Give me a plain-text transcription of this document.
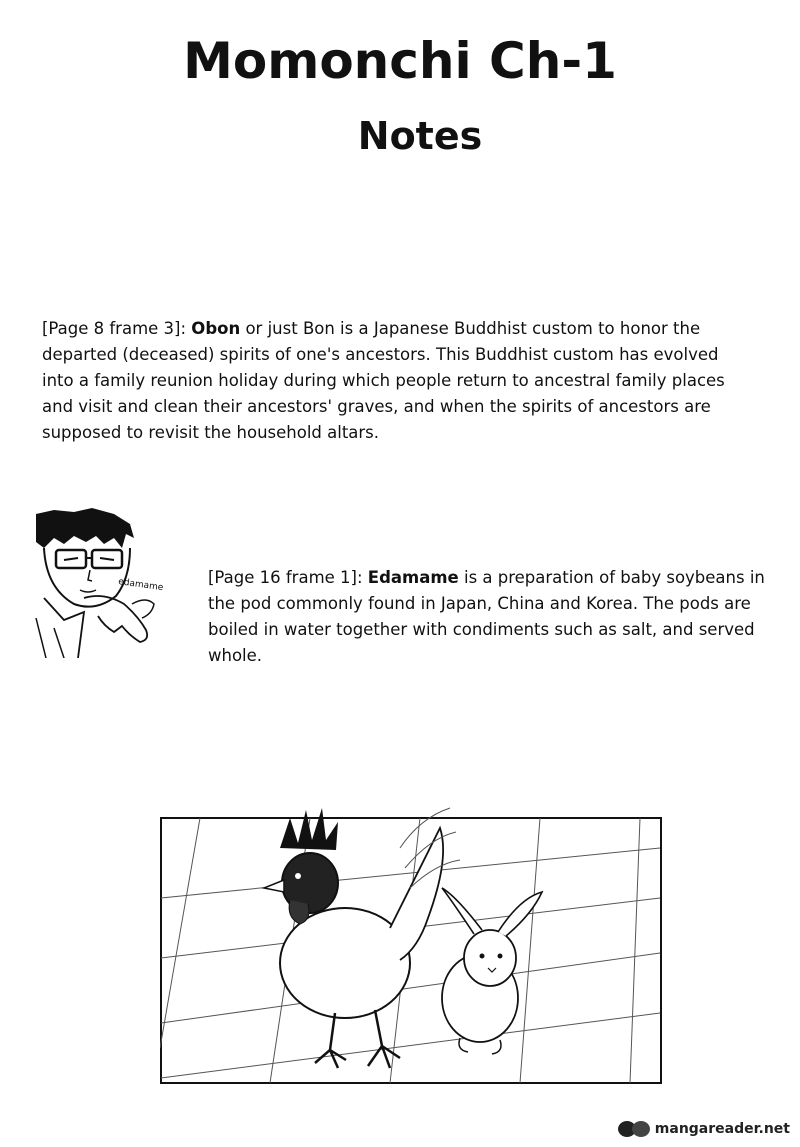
Momonchi Ch-1
Notes
[Page 8 frame 3]: Obon or just Bon is a Japanese Buddhist custom to honor the departed (deceased) spirits of one's ancestors. This Buddhist custom has evolved into a family reunion holiday during which people return to ancestral family places and visit and clean their ancestors' graves, and when the spirits of ancestors are supposed to revisit the household altars.
edamame	[Page 16 frame 1]: Edamame is a preparation of baby soybeans in the pod commonly found in Japan, China and Korea. The pods are boiled in water together with condiments such as salt, and served whole.
mangareader.net
